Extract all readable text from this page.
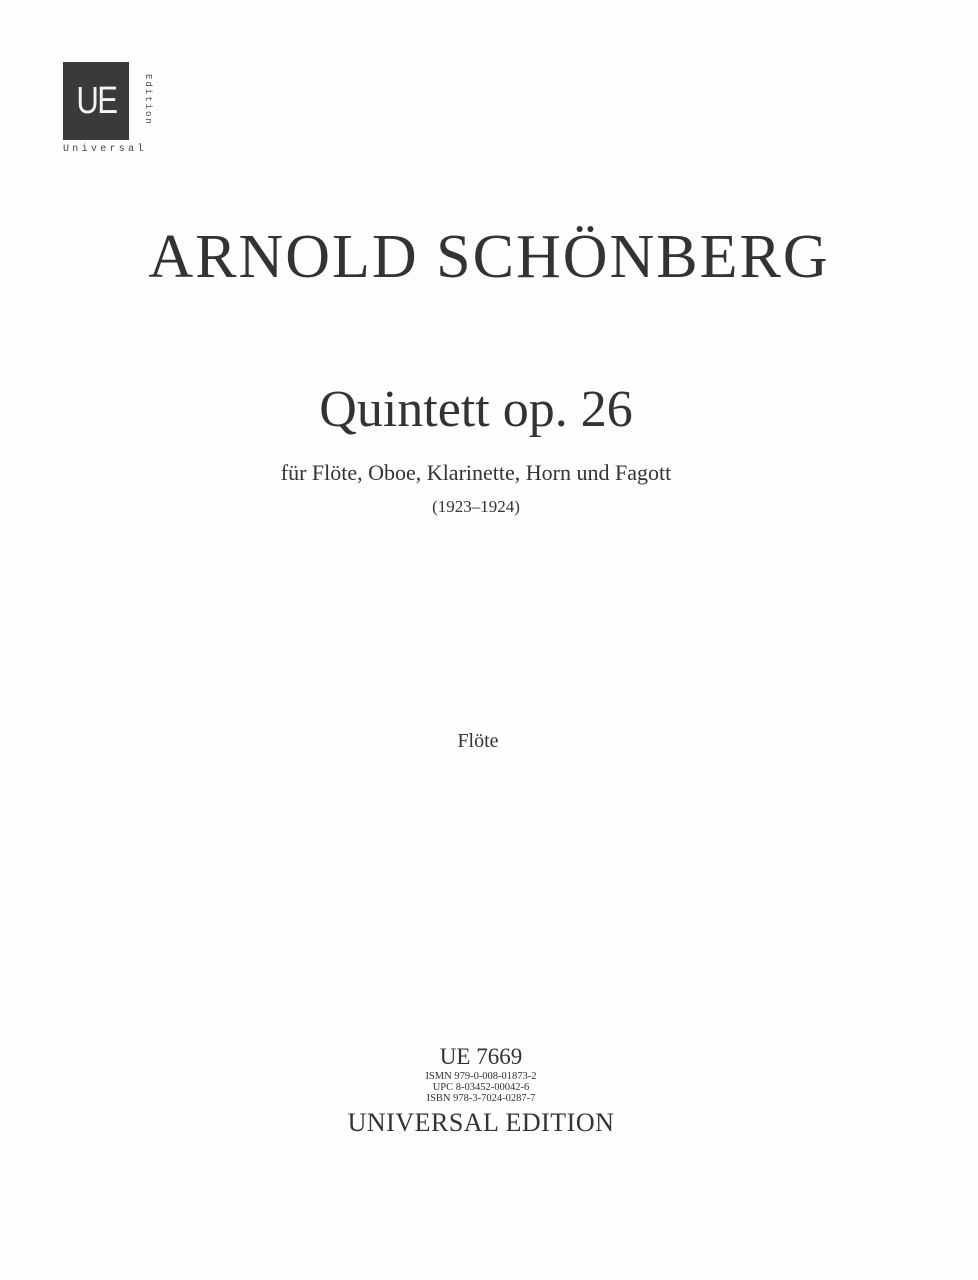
UE	Edition
Universal
ARNOLD SCHÖNBERG
Quintett op. 26
für Flöte, Oboe, Klarinette, Horn und Fagott
(1923–1924)
Flöte
UE 7669
ISMN 979-0-008-01873-2
UPC 8-03452-00042-6
ISBN 978-3-7024-0287-7
UNIVERSAL EDITION
